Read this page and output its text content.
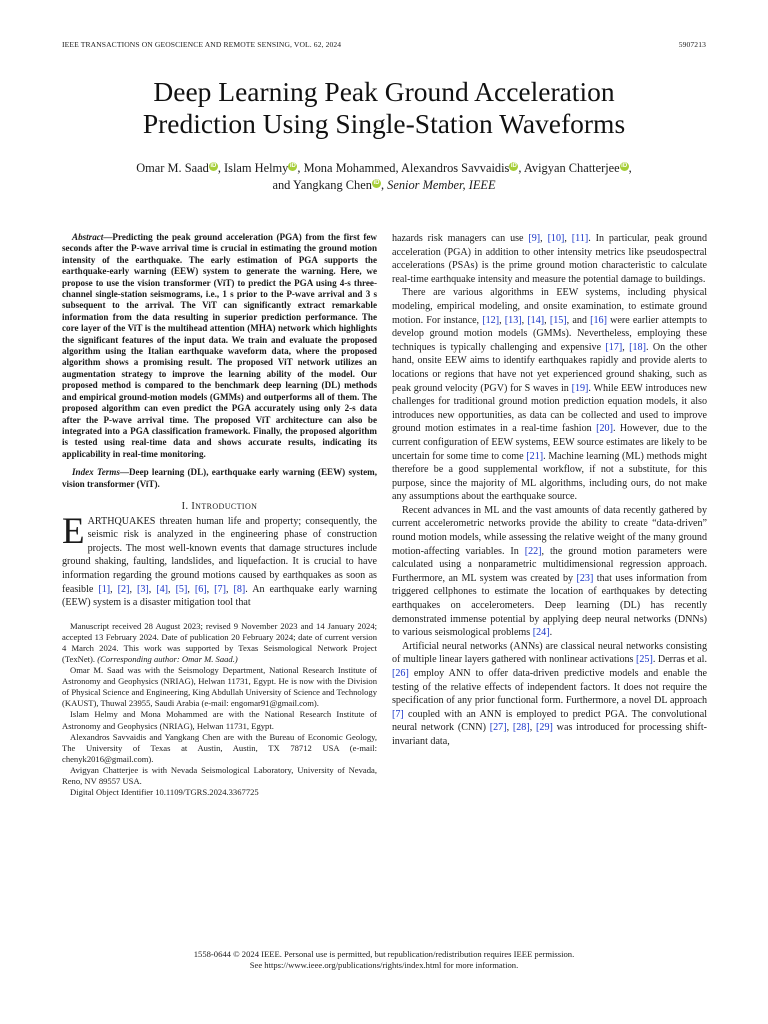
IEEE TRANSACTIONS ON GEOSCIENCE AND REMOTE SENSING, VOL. 62, 2024	5907213
Deep Learning Peak Ground Acceleration
Prediction Using Single-Station Waveforms
Omar M. Saad iD , Islam Helmy iD , Mona Mohammed, Alexandros Savvaidis iD , Avigyan Chatterjee iD ,
and Yangkang Chen iD , Senior Member, IEEE

Abstract—Predicting the peak ground acceleration (PGA) from the first few seconds after the P-wave arrival time is crucial in estimating the ground motion intensity of the earthquake. The early estimation of PGA supports the earthquake-early warning (EEW) system to generate the warning. Here, we propose to use the vision transformer (ViT) to predict the PGA using 4-s three-channel single-station seismograms, i.e., 1 s prior to the P-wave arrival and 3 s subsequent to the arrival. The ViT can significantly extract remarkable information from the data resulting in superior prediction performance. The core layer of the ViT is the multihead attention (MHA) network which highlights the significant features of the input data. We train and evaluate the proposed algorithm using the Italian earthquake waveform data, where the proposed algorithm shows a promising result. The proposed ViT network utilizes an augmentation strategy to improve the learning ability of the model. Our proposed method is compared to the benchmark deep learning (DL) methods and empirical ground-motion models (GMMs) and outperforms all of them. The proposed algorithm can even predict the PGA accurately using only 2-s data after the P-wave arrival time. The proposed ViT architecture can also be integrated into a PGA classification framework. Finally, the proposed algorithm is tested using real-time data and shows accurate results, indicating its applicability in real-time monitoring.

Index Terms—Deep learning (DL), earthquake early warning (EEW) system, vision transformer (ViT).

I. INTRODUCTION

EARTHQUAKES threaten human life and property; consequently, the seismic risk is analyzed in the engineering phase of construction projects. The most well-known events that damage structures include ground shaking, faulting, landslides, and liquefaction. It is crucial to have information regarding the ground motions caused by earthquakes as soon as feasible [1], [2], [3], [4], [5], [6], [7], [8]. An earthquake early warning (EEW) system is a disaster mitigation tool that

Manuscript received 28 August 2023; revised 9 November 2023 and 14 January 2024; accepted 13 February 2024. Date of publication 20 February 2024; date of current version 4 March 2024. This work was supported by Texas Seismological Network Project (TexNet). (Corresponding author: Omar M. Saad.)

Omar M. Saad was with the Seismology Department, National Research Institute of Astronomy and Geophysics (NRIAG), Helwan 11731, Egypt. He is now with the Division of Physical Science and Engineering, King Abdullah University of Science and Technology (KAUST), Thuwal 23955, Saudi Arabia (e-mail: engomar91@gmail.com).

Islam Helmy and Mona Mohammed are with the National Research Institute of Astronomy and Geophysics (NRIAG), Helwan 11731, Egypt.

Alexandros Savvaidis and Yangkang Chen are with the Bureau of Economic Geology, The University of Texas at Austin, Austin, TX 78712 USA (e-mail: chenyk2016@gmail.com).

Avigyan Chatterjee is with Nevada Seismological Laboratory, University of Nevada, Reno, NV 89557 USA.

Digital Object Identifier 10.1109/TGRS.2024.3367725

hazards risk managers can use [9], [10], [11]. In particular, peak ground acceleration (PGA) in addition to other intensity metrics like pseudospectral accelerations (PSAs) is the prime ground motion characteristic to calculate real-time earthquake intensity and measure the potential damage to buildings.

There are various algorithms in EEW systems, including physical modeling, empirical modeling, and onsite examination, to estimate ground motion. For instance, [12], [13], [14], [15], and [16] were earlier attempts to develop ground motion models (GMMs). Nevertheless, employing these techniques is typically challenging and expensive [17], [18]. On the other hand, onsite EEW aims to identify earthquakes rapidly and provide alerts to locations or regions that have not yet experienced ground shaking, such as peak ground velocity (PGV) for S waves in [19]. While EEW introduces new challenges for traditional ground motion prediction equation models, it also introduces new opportunities, as data can be collected and used to improve ground motion estimates in a real-time fashion [20]. However, due to the current configuration of EEW systems, EEW source estimates are likely to be uncertain for some time to come [21]. Machine learning (ML) methods might therefore be a good supplemental workflow, if not a substitute, for this purpose, since the majority of ML algorithms, including ours, do not make any assumptions about the earthquake source.

Recent advances in ML and the vast amounts of data recently gathered by current accelerometric networks provide the ability to create “data-driven” round motion models, while assessing the relative weight of the many ground motion-affecting variables. In [22], the ground motion parameters were calculated using a nonparametric multidimensional regression approach. Furthermore, an ML system was created by [23] that uses information from triggered cellphones to estimate the location of earthquakes by detecting earthquakes on accelerometers. Deep learning (DL) has recently demonstrated immense potential by applying deep neural networks (DNNs) to various seismological problems [24].

Artificial neural networks (ANNs) are classical neural networks consisting of multiple linear layers gathered with nonlinear activations [25]. Derras et al. [26] employ ANN to offer data-driven predictive models and enable the testing of the relative effects of independent factors. It does not require the specification of any prior functional form. Furthermore, a novel DL approach [7] coupled with an ANN is employed to predict PGA. The convolutional neural network (CNN) [27], [28], [29] was introduced for processing shift-invariant data,

1558-0644 © 2024 IEEE. Personal use is permitted, but republication/redistribution requires IEEE permission.
See https://www.ieee.org/publications/rights/index.html for more information.
